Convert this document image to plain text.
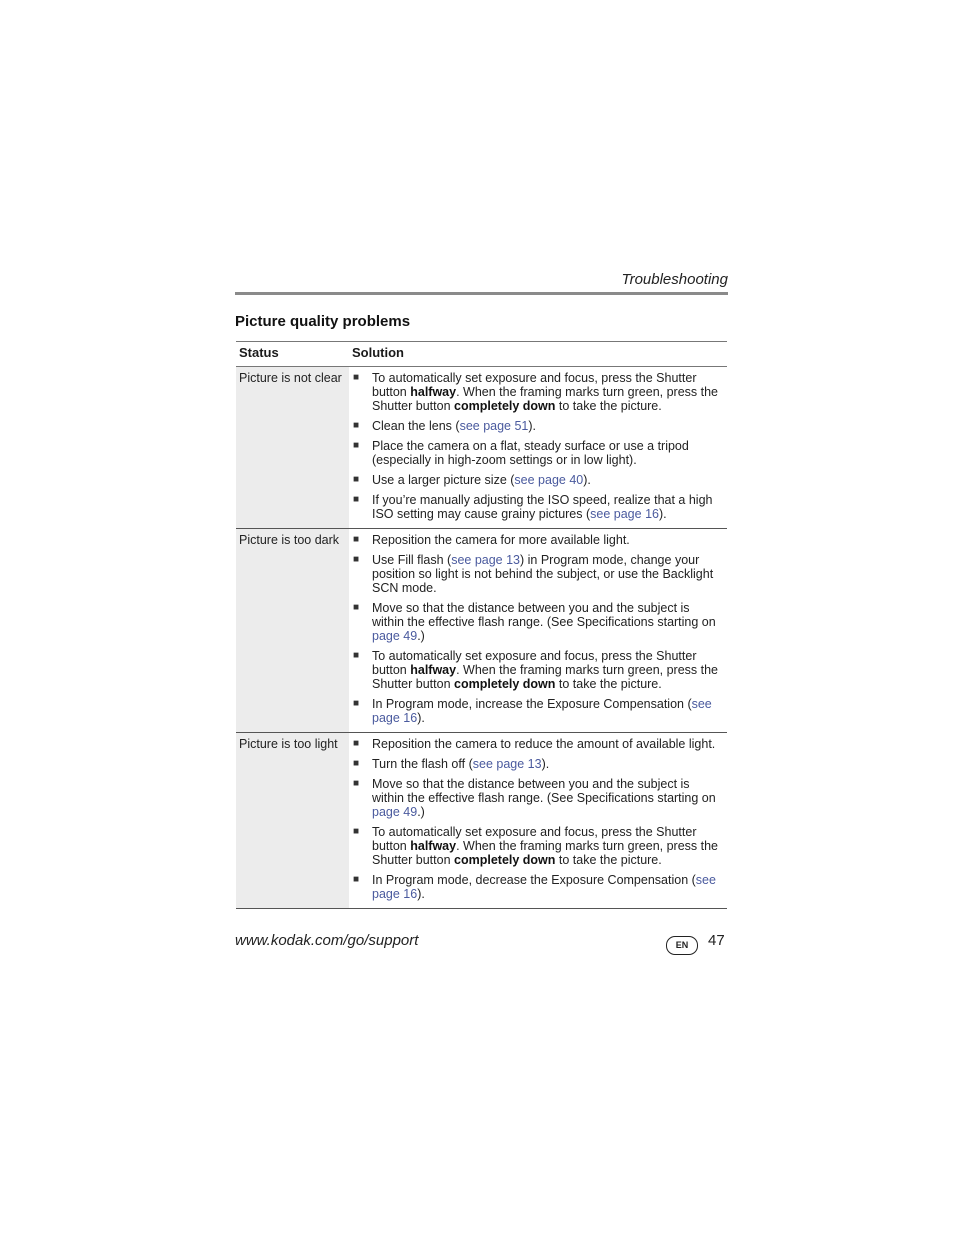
Troubleshooting
Picture quality problems
Status	Solution
Picture is not clear	■	To automatically set exposure and focus, press the Shutter button halfway. When the framing marks turn green, press the Shutter button completely down to take the picture.
■	Clean the lens (see page 51).
■	Place the camera on a flat, steady surface or use a tripod (especially in high-zoom settings or in low light).
■	Use a larger picture size (see page 40).
■	If you’re manually adjusting the ISO speed, realize that a high ISO setting may cause grainy pictures (see page 16).
Picture is too dark	■	Reposition the camera for more available light.
■	Use Fill flash (see page 13) in Program mode, change your position so light is not behind the subject, or use the Backlight SCN mode.
■	Move so that the distance between you and the subject is within the effective flash range. (See Specifications starting on page 49.)
■	To automatically set exposure and focus, press the Shutter button halfway. When the framing marks turn green, press the Shutter button completely down to take the picture.
■	In Program mode, increase the Exposure Compensation (see page 16).
Picture is too light	■	Reposition the camera to reduce the amount of available light.
■	Turn the flash off (see page 13).
■	Move so that the distance between you and the subject is within the effective flash range. (See Specifications starting on page 49.)
■	To automatically set exposure and focus, press the Shutter button halfway. When the framing marks turn green, press the Shutter button completely down to take the picture.
■	In Program mode, decrease the Exposure Compensation (see page 16).
www.kodak.com/go/support	EN	47
